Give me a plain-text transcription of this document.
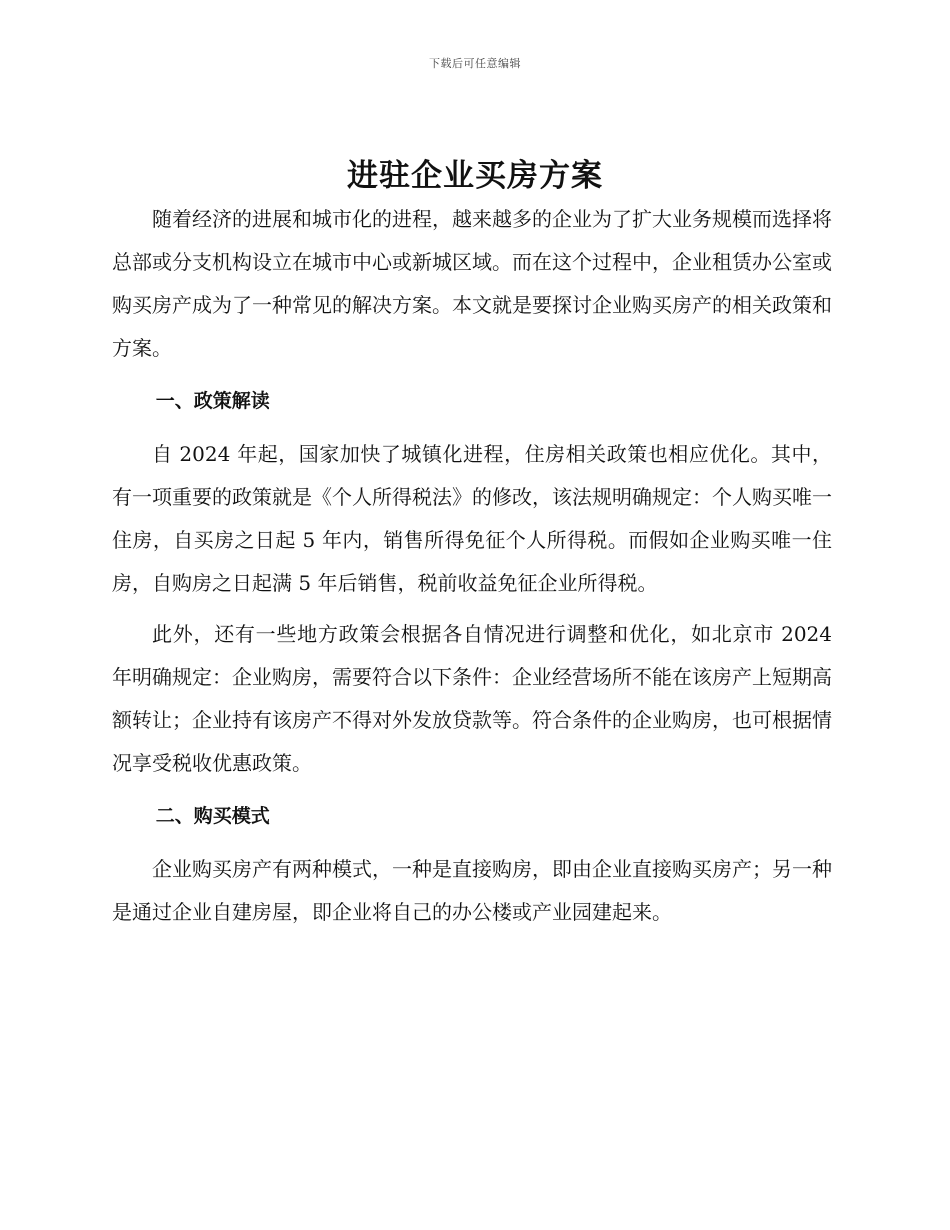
下载后可任意编辑
进驻企业买房方案

随着经济的进展和城市化的进程，越来越多的企业为了扩大业务规模而选择将总部或分支机构设立在城市中心或新城区域。而在这个过程中，企业租赁办公室或购买房产成为了一种常见的解决方案。本文就是要探讨企业购买房产的相关政策和方案。

一、政策解读

自 2024 年起，国家加快了城镇化进程，住房相关政策也相应优化。其中，有一项重要的政策就是《个人所得税法》的修改，该法规明确规定：个人购买唯一住房，自买房之日起 5 年内，销售所得免征个人所得税。而假如企业购买唯一住房，自购房之日起满 5 年后销售，税前收益免征企业所得税。

此外，还有一些地方政策会根据各自情况进行调整和优化，如北京市 2024 年明确规定：企业购房，需要符合以下条件：企业经营场所不能在该房产上短期高额转让；企业持有该房产不得对外发放贷款等。符合条件的企业购房，也可根据情况享受税收优惠政策。

二、购买模式

企业购买房产有两种模式，一种是直接购房，即由企业直接购买房产；另一种是通过企业自建房屋，即企业将自己的办公楼或产业园建起来。
